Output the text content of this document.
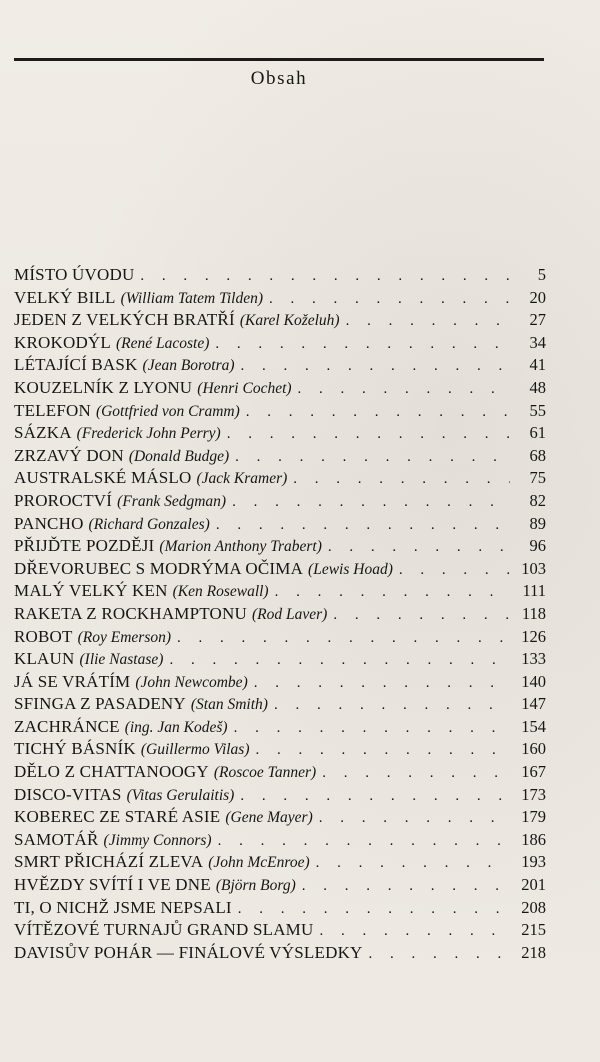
Obsah
MÍSTO ÚVODU . . .	5
VELKÝ BILL (William Tatem Tilden) . . .	20
JEDEN Z VELKÝCH BRATŘÍ (Karel Koželuh) . . .	27
KROKODÝL (René Lacoste) . . .	34
LÉTAJÍCÍ BASK (Jean Borotra) . . .	41
KOUZELNÍK Z LYONU (Henri Cochet) . . .	48
TELEFON (Gottfried von Cramm) . . .	55
SÁZKA (Frederick John Perry) . . .	61
ZRZAVÝ DON (Donald Budge) . . .	68
AUSTRALSKÉ MÁSLO (Jack Kramer) . . .	75
PROROCTVÍ (Frank Sedgman) . . .	82
PANCHO (Richard Gonzales) . . .	89
PŘIJĎTE POZDĚJI (Marion Anthony Trabert) . . .	96
DŘEVORUBEC S MODRÝMA OČIMA (Lewis Hoad) . . .	103
MALÝ VELKÝ KEN (Ken Rosewall) . . .	111
RAKETA Z ROCKHAMPTONU (Rod Laver) . . .	118
ROBOT (Roy Emerson) . . .	126
KLAUN (Ilie Nastase) . . .	133
JÁ SE VRÁTÍM (John Newcombe) . . .	140
SFINGA Z PASADENY (Stan Smith) . . .	147
ZACHRÁNCE (ing. Jan Kodeš) . . .	154
TICHÝ BÁSNÍK (Guillermo Vilas) . . .	160
DĚLO Z CHATTANOOGY (Roscoe Tanner) . . .	167
DISCO-VITAS (Vitas Gerulaitis) . . .	173
KOBEREC ZE STARÉ ASIE (Gene Mayer) . . .	179
SAMOTÁŘ (Jimmy Connors) . . .	186
SMRT PŘICHÁZÍ ZLEVA (John McEnroe) . . .	193
HVĚZDY SVÍTÍ I VE DNE (Björn Borg) . . .	201
TI, O NICHŽ JSME NEPSALI . . .	208
VÍTĚZOVÉ TURNAJŮ GRAND SLAMU . . .	215
DAVISŮV POHÁR — FINÁLOVÉ VÝSLEDKY . . .	218
